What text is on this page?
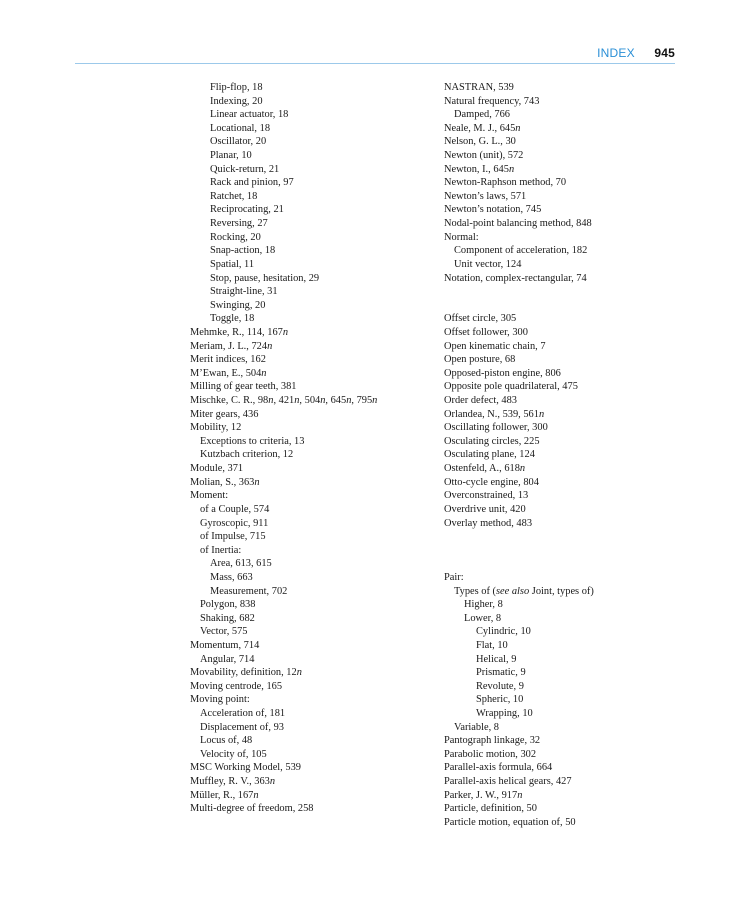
INDEX 945
Flip-flop, 18
Indexing, 20
Linear actuator, 18
Locational, 18
Oscillator, 20
Planar, 10
Quick-return, 21
Rack and pinion, 97
Ratchet, 18
Reciprocating, 21
Reversing, 27
Rocking, 20
Snap-action, 18
Spatial, 11
Stop, pause, hesitation, 29
Straight-line, 31
Swinging, 20
Toggle, 18
Mehmke, R., 114, 167n
Meriam, J. L., 724n
Merit indices, 162
M’Ewan, E., 504n
Milling of gear teeth, 381
Mischke, C. R., 98n, 421n, 504n, 645n, 795n
Miter gears, 436
Mobility, 12
Exceptions to criteria, 13
Kutzbach criterion, 12
Module, 371
Molian, S., 363n
Moment:
of a Couple, 574
Gyroscopic, 911
of Impulse, 715
of Inertia:
Area, 613, 615
Mass, 663
Measurement, 702
Polygon, 838
Shaking, 682
Vector, 575
Momentum, 714
Angular, 714
Movability, definition, 12n
Moving centrode, 165
Moving point:
Acceleration of, 181
Displacement of, 93
Locus of, 48
Velocity of, 105
MSC Working Model, 539
Muffley, R. V., 363n
Müller, R., 167n
Multi-degree of freedom, 258
NASTRAN, 539
Natural frequency, 743
Damped, 766
Neale, M. J., 645n
Nelson, G. L., 30
Newton (unit), 572
Newton, I., 645n
Newton-Raphson method, 70
Newton’s laws, 571
Newton’s notation, 745
Nodal-point balancing method, 848
Normal:
Component of acceleration, 182
Unit vector, 124
Notation, complex-rectangular, 74
Offset circle, 305
Offset follower, 300
Open kinematic chain, 7
Open posture, 68
Opposed-piston engine, 806
Opposite pole quadrilateral, 475
Order defect, 483
Orlandea, N., 539, 561n
Oscillating follower, 300
Osculating circles, 225
Osculating plane, 124
Ostenfeld, A., 618n
Otto-cycle engine, 804
Overconstrained, 13
Overdrive unit, 420
Overlay method, 483
Pair:
Types of (see also Joint, types of)
Higher, 8
Lower, 8
Cylindric, 10
Flat, 10
Helical, 9
Prismatic, 9
Revolute, 9
Spheric, 10
Wrapping, 10
Variable, 8
Pantograph linkage, 32
Parabolic motion, 302
Parallel-axis formula, 664
Parallel-axis helical gears, 427
Parker, J. W., 917n
Particle, definition, 50
Particle motion, equation of, 50
